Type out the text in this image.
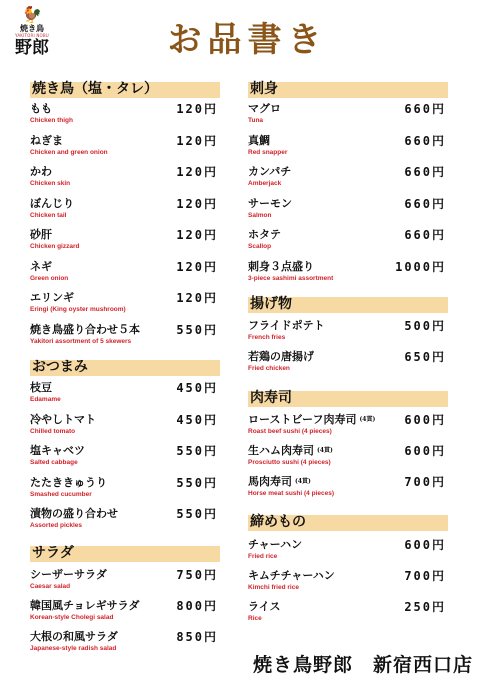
🐓
焼き鳥
YAKITORI NOBU
野郎	お品書き
焼き鳥（塩・タレ）
もも	120円
Chicken thigh
ねぎま	120円
Chicken and green onion
かわ	120円
Chicken skin
ぼんじり	120円
Chicken tail
砂肝	120円
Chicken gizzard
ネギ	120円
Green onion
エリンギ	120円
Eringi (King oyster mushroom)
焼き鳥盛り合わせ５本	550円
Yakitori assortment of 5 skewers
おつまみ
枝豆	450円
Edamame
冷やしトマト	450円
Chilled tomato
塩キャベツ	550円
Salted cabbage
たたききゅうり	550円
Smashed cucumber
漬物の盛り合わせ	550円
Assorted pickles
サラダ
シーザーサラダ	750円
Caesar salad
韓国風チョレギサラダ	800円
Korean-style Cholegi salad
大根の和風サラダ	850円
Japanese-style radish salad
刺身
マグロ	660円
Tuna
真鯛	660円
Red snapper
カンパチ	660円
Amberjack
サーモン	660円
Salmon
ホタテ	660円
Scallop
刺身３点盛り	1000円
3-piece sashimi assortment
揚げ物
フライドポテト	500円
French fries
若鶏の唐揚げ	650円
Fried chicken
肉寿司
ローストビーフ肉寿司 (4貫) 600円
Roast beef sushi (4 pieces)
生ハム肉寿司 (4貫)	600円
Prosciutto sushi (4 pieces)
馬肉寿司 (4貫)	700円
Horse meat sushi (4 pieces)
締めもの
チャーハン	600円
Fried rice
キムチチャーハン	700円
Kimchi fried rice
ライス	250円
Rice
焼き鳥野郎　新宿西口店
